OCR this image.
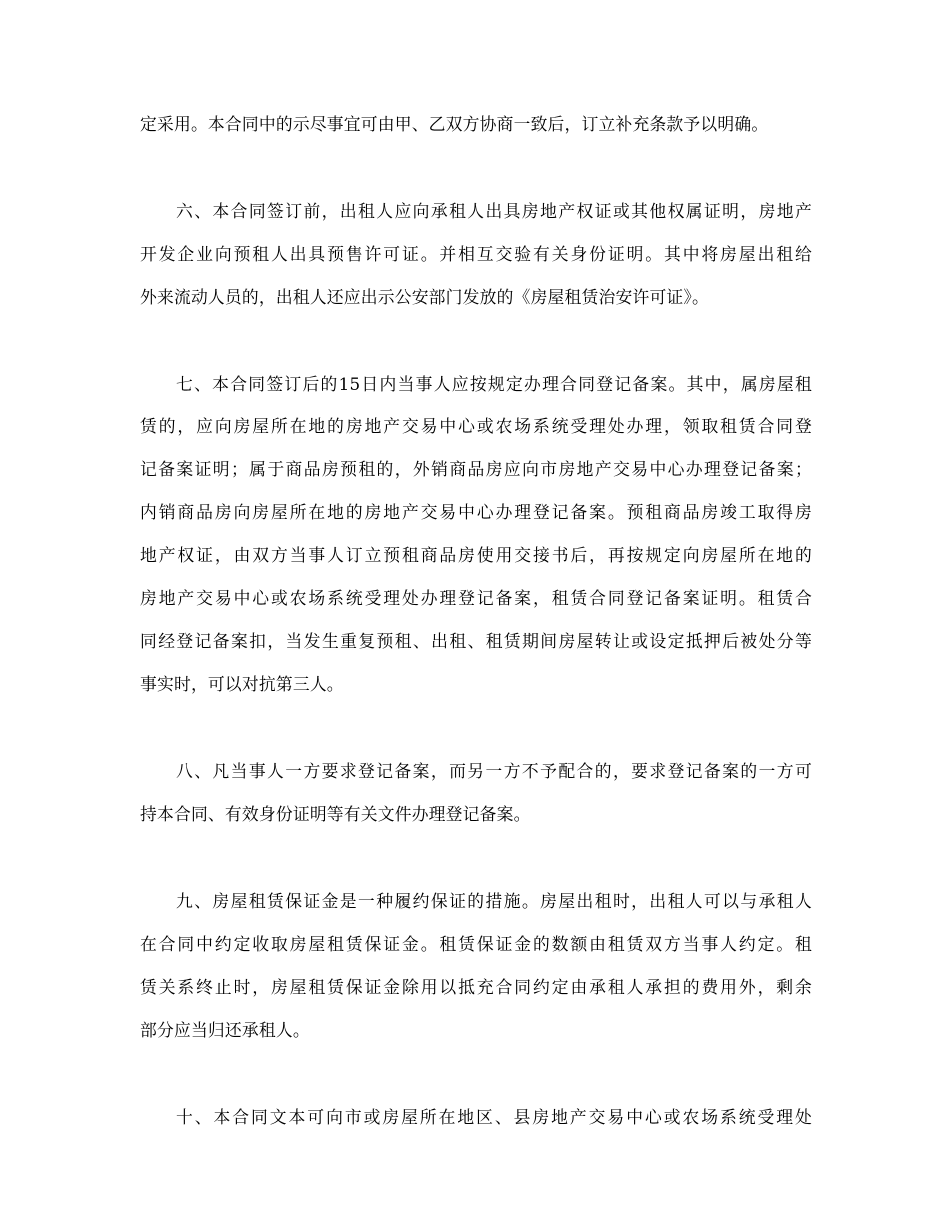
定采用。本合同中的示尽事宜可由甲、乙双方协商一致后，订立补充条款予以明确。
六、本合同签订前，出租人应向承租人出具房地产权证或其他权属证明，房地产
开发企业向预租人出具预售许可证。并相互交验有关身份证明。其中将房屋出租给
外来流动人员的，出租人还应出示公安部门发放的《房屋租赁治安许可证》。
七、本合同签订后的15日内当事人应按规定办理合同登记备案。其中，属房屋租
赁的，应向房屋所在地的房地产交易中心或农场系统受理处办理，领取租赁合同登
记备案证明；属于商品房预租的，外销商品房应向市房地产交易中心办理登记备案；
内销商品房向房屋所在地的房地产交易中心办理登记备案。预租商品房竣工取得房
地产权证，由双方当事人订立预租商品房使用交接书后，再按规定向房屋所在地的
房地产交易中心或农场系统受理处办理登记备案，租赁合同登记备案证明。租赁合
同经登记备案扣，当发生重复预租、出租、租赁期间房屋转让或设定抵押后被处分等
事实时，可以对抗第三人。
八、凡当事人一方要求登记备案，而另一方不予配合的，要求登记备案的一方可
持本合同、有效身份证明等有关文件办理登记备案。
九、房屋租赁保证金是一种履约保证的措施。房屋出租时，出租人可以与承租人
在合同中约定收取房屋租赁保证金。租赁保证金的数额由租赁双方当事人约定。租
赁关系终止时，房屋租赁保证金除用以抵充合同约定由承租人承担的费用外，剩余
部分应当归还承租人。
十、本合同文本可向市或房屋所在地区、县房地产交易中心或农场系统受理处
